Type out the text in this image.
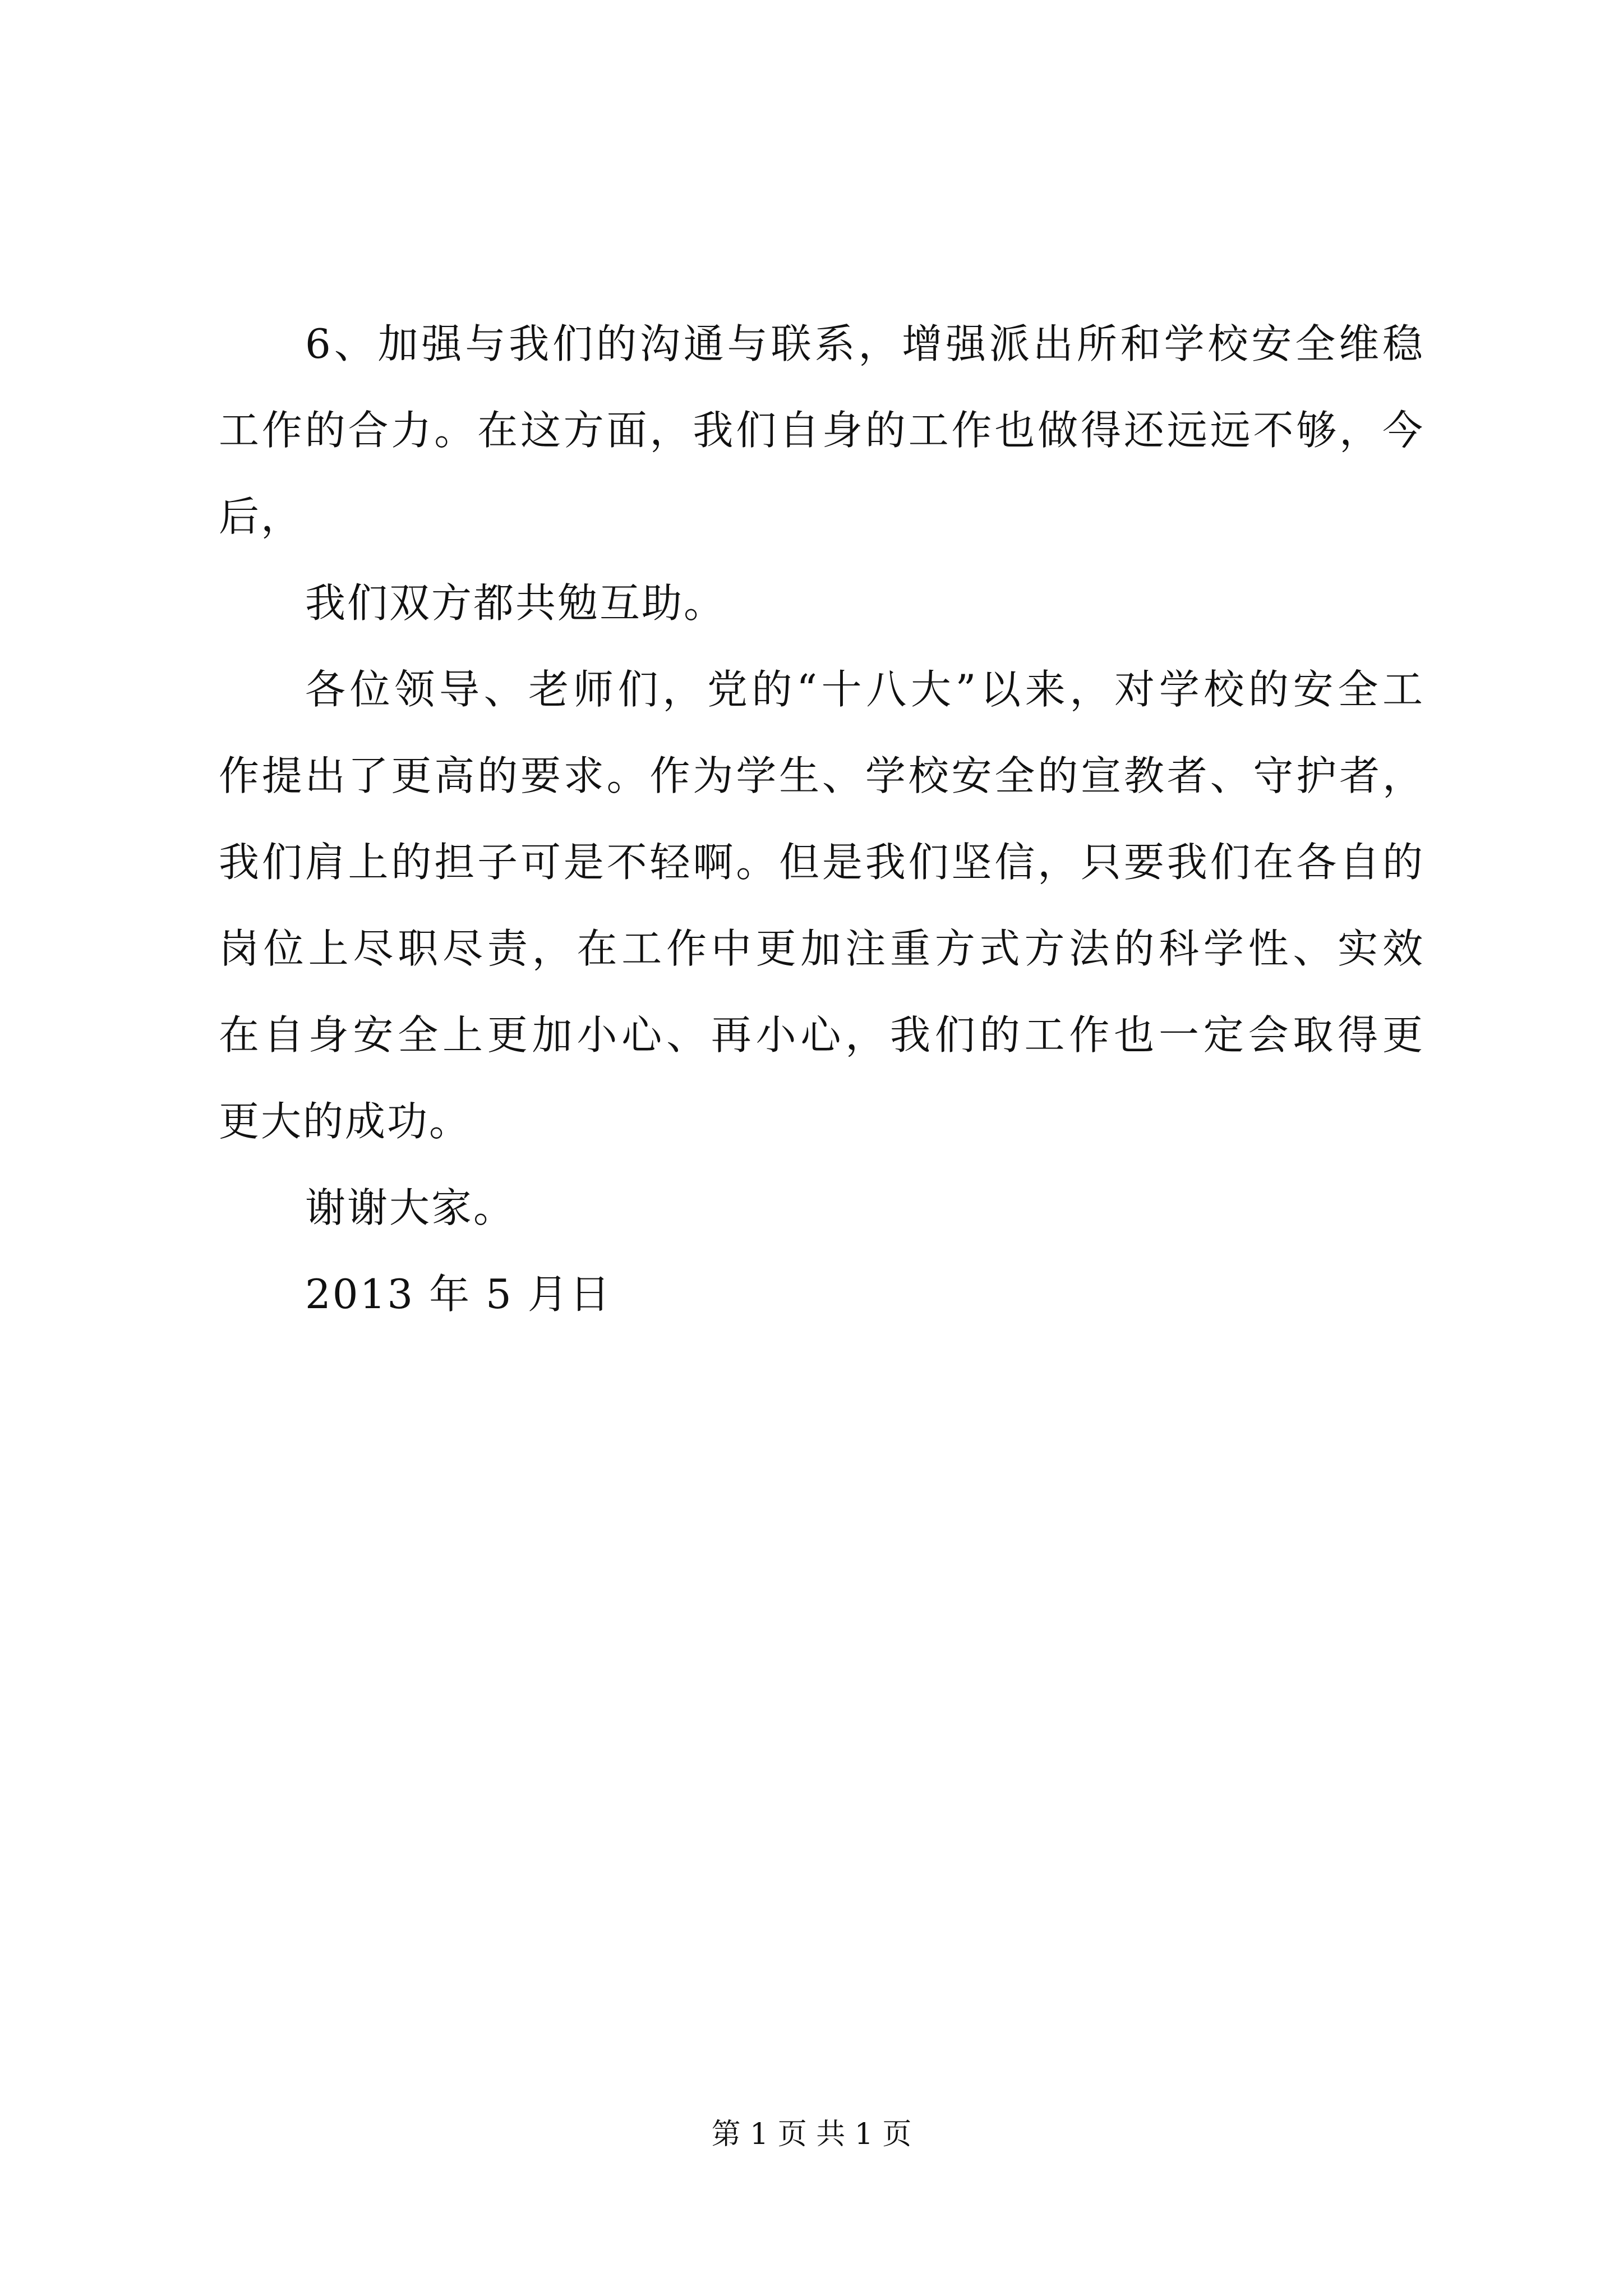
6、加强与我们的沟通与联系，增强派出所和学校安全维稳
工作的合力。在这方面，我们自身的工作也做得还远远不够，今
后，
我们双方都共勉互助。
各位领导、老师们，党的“十八大”以来，对学校的安全工
作提出了更高的要求。作为学生、学校安全的宣教者、守护者，
我们肩上的担子可是不轻啊。但是我们坚信，只要我们在各自的
岗位上尽职尽责，在工作中更加注重方式方法的科学性、实效
在自身安全上更加小心、再小心，我们的工作也一定会取得更
更大的成功。
谢谢大家。
2013 年 5 月日
第 1 页 共 1 页
